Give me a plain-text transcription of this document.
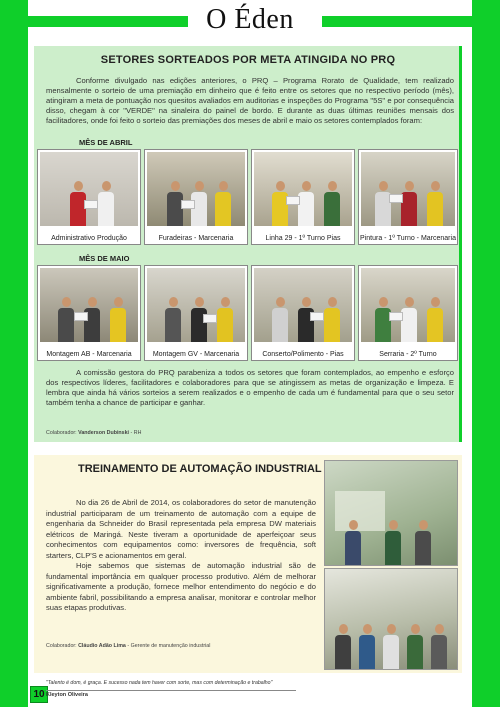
O Éden
SETORES SORTEADOS POR META ATINGIDA NO PRQ

Conforme divulgado nas edições anteriores, o PRQ – Programa Rorato de Qualidade, tem realizado mensalmente o sorteio de uma premiação em dinheiro que é feito entre os setores que no respectivo período (mês), atingiram a meta de pontuação nos quesitos avaliados em auditorias e inspeções do Programa "5S" e por consequência disso, chegam à cor "VERDE" na sinaleira do painel de bordo. E durante as duas últimas reuniões mensais dos facilitadores, onde foi feito o sorteio das premiações dos meses de abril e maio os setores contemplados foram:

MÊS DE ABRIL
Administrativo Produção	Furadeiras - Marcenaria	Linha 29 - 1º Turno Pias	Pintura - 1º Turno - Marcenaria
MÊS DE MAIO
Montagem AB - Marcenaria	Montagem GV - Marcenaria	Conserto/Polimento - Pias	Serraria - 2º Turno

A comissão gestora do PRQ parabeniza a todos os setores que foram contemplados, ao empenho e esforço dos respectivos líderes, facilitadores e colaboradores para que se atingissem as metas de organização e limpeza. E lembra que ainda há vários sorteios a serem realizados e o empenho de cada um é fundamental para que o seu setor também tenha a chance de participar e ganhar.

Colaborador: Vanderson Dubinski - RH
TREINAMENTO DE AUTOMAÇÃO INDUSTRIAL

No dia 26 de Abril de 2014, os colaboradores do setor de manutenção industrial participaram de um treinamento de automação com a equipe de engenharia da Schneider do Brasil representada pela empresa DW materiais elétricos de Maringá. Neste tiveram a oportunidade de aperfeiçoar seus conhecimentos com equipamentos como: inversores de frequência, soft starters, CLP'S e acionamentos em geral.

Hoje sabemos que sistemas de automação industrial são de fundamental importância em qualquer processo produtivo. Além de melhorar significativamente a produção, fornece melhor entendimento do negócio e do ambiente fabril, possibilitando a empresa analisar, monitorar e controlar melhor suas etapas produtivas.

Colaborador: Cláudio Adão Lima - Gerente de manutenção industrial
10
"Talento é dom, é graça. E sucesso nada tem haver com sorte, mas com determinação e trabalho"
Kleyton Oliveira
